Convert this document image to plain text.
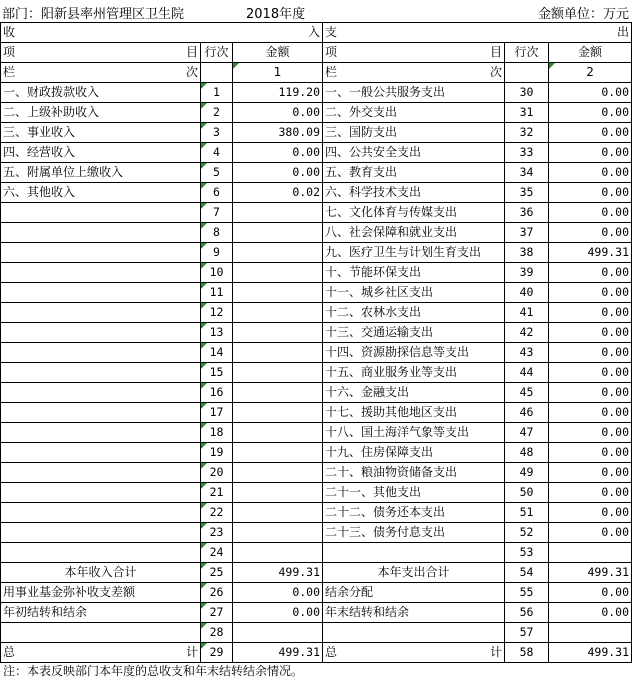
部门：阳新县率州管理区卫生院	2018年度	金额单位：万元
收 入			支 出		

项　　　　　　　　　　目	行次	金额	项　　　　　　　　　　目	行次	金额
栏　　　　　　　　　　次		1	栏　　　　　　　　　　次		2
一、财政拨款收入	1	119.20	一、一般公共服务支出	30	0.00
二、上级补助收入	2	0.00	二、外交支出	31	0.00
三、事业收入	3	380.09	三、国防支出	32	0.00
四、经营收入	4	0.00	四、公共安全支出	33	0.00
五、附属单位上缴收入	5	0.00	五、教育支出	34	0.00
六、其他收入	6	0.02	六、科学技术支出	35	0.00
	7		七、文化体育与传媒支出	36	0.00
	8		八、社会保障和就业支出	37	0.00
	9		九、医疗卫生与计划生育支出	38	499.31
	10		十、节能环保支出	39	0.00
	11		十一、城乡社区支出	40	0.00
	12		十二、农林水支出	41	0.00
	13		十三、交通运输支出	42	0.00
	14		十四、资源勘探信息等支出	43	0.00
	15		十五、商业服务业等支出	44	0.00
	16		十六、金融支出	45	0.00
	17		十七、援助其他地区支出	46	0.00
	18		十八、国土海洋气象等支出	47	0.00
	19		十九、住房保障支出	48	0.00
	20		二十、粮油物资储备支出	49	0.00
	21		二十一、其他支出	50	0.00
	22		二十二、债务还本支出	51	0.00
	23		二十三、债务付息支出	52	0.00
	24			53	
本年收入合计	25	499.31	本年支出合计	54	499.31
用事业基金弥补收支差额	26	0.00	结余分配	55	0.00
年初结转和结余	27	0.00	年末结转和结余	56	0.00
	28			57	
总　　　　　　　　　　　计	29	499.31	总　　　　　　　　　　　计	58	499.31
注：本表反映部门本年度的总收支和年末结转结余情况。
